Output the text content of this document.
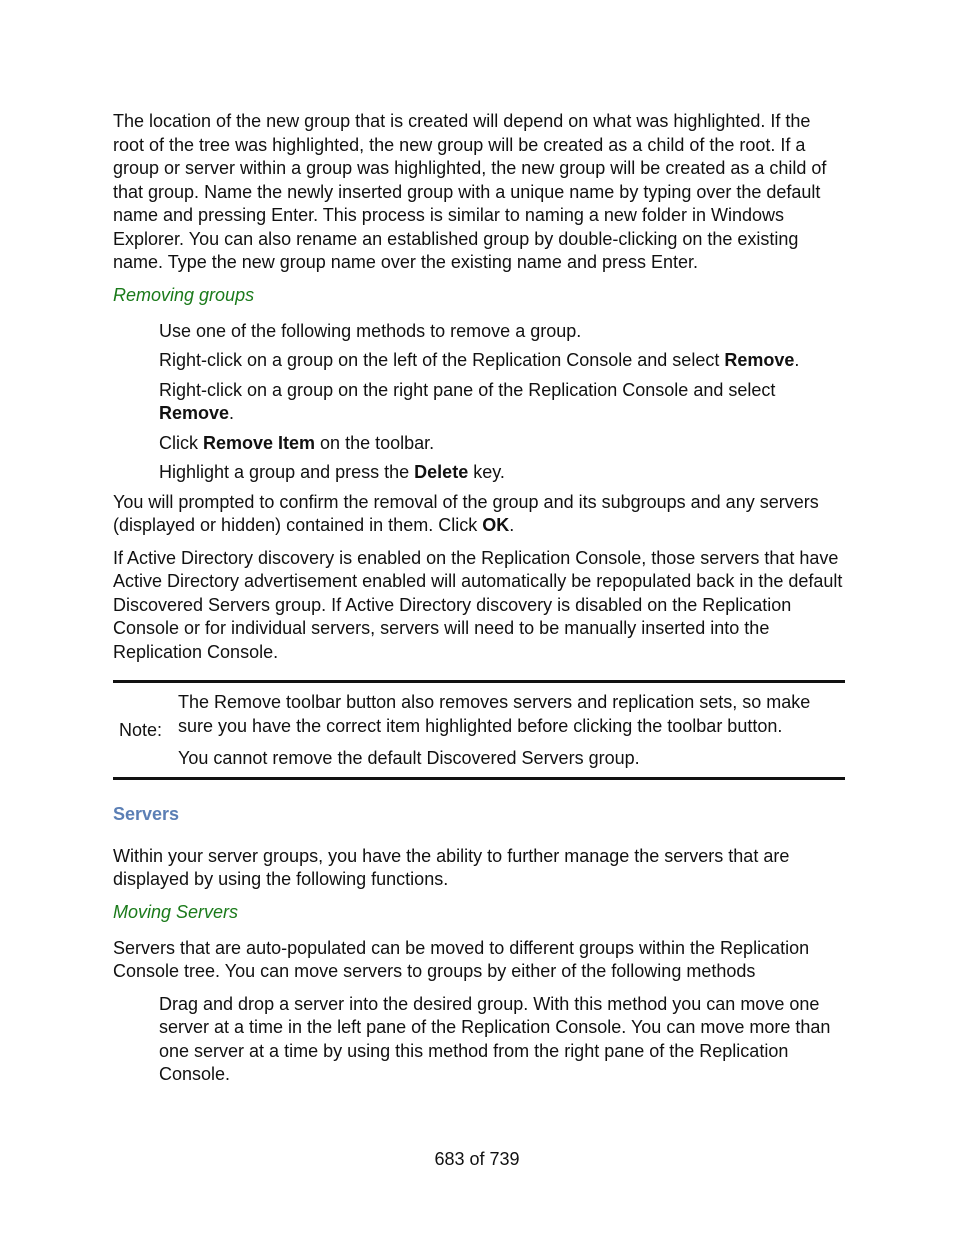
The location of the new group that is created will depend on what was highlighted. If the root of the tree was highlighted, the new group will be created as a child of the root. If a group or server within a group was highlighted, the new group will be created as a child of that group. Name the newly inserted group with a unique name by typing over the default name and pressing Enter. This process is similar to naming a new folder in Windows Explorer. You can also rename an established group by double-clicking on the existing name. Type the new group name over the existing name and press Enter.

Removing groups

Use one of the following methods to remove a group.

Right-click on a group on the left of the Replication Console and select Remove.

Right-click on a group on the right pane of the Replication Console and select Remove.

Click Remove Item on the toolbar.

Highlight a group and press the Delete key.

You will prompted to confirm the removal of the group and its subgroups and any servers (displayed or hidden) contained in them. Click OK.

If Active Directory discovery is enabled on the Replication Console, those servers that have Active Directory advertisement enabled will automatically be repopulated back in the default Discovered Servers group. If Active Directory discovery is disabled on the Replication Console or for individual servers, servers will need to be manually inserted into the Replication Console.

Note:

The Remove toolbar button also removes servers and replication sets, so make sure you have the correct item highlighted before clicking the toolbar button.

You cannot remove the default Discovered Servers group.

Servers

Within your server groups, you have the ability to further manage the servers that are displayed by using the following functions.

Moving Servers

Servers that are auto-populated can be moved to different groups within the Replication Console tree. You can move servers to groups by either of the following methods

Drag and drop a server into the desired group. With this method you can move one server at a time in the left pane of the Replication Console. You can move more than one server at a time by using this method from the right pane of the Replication Console.

683 of 739
